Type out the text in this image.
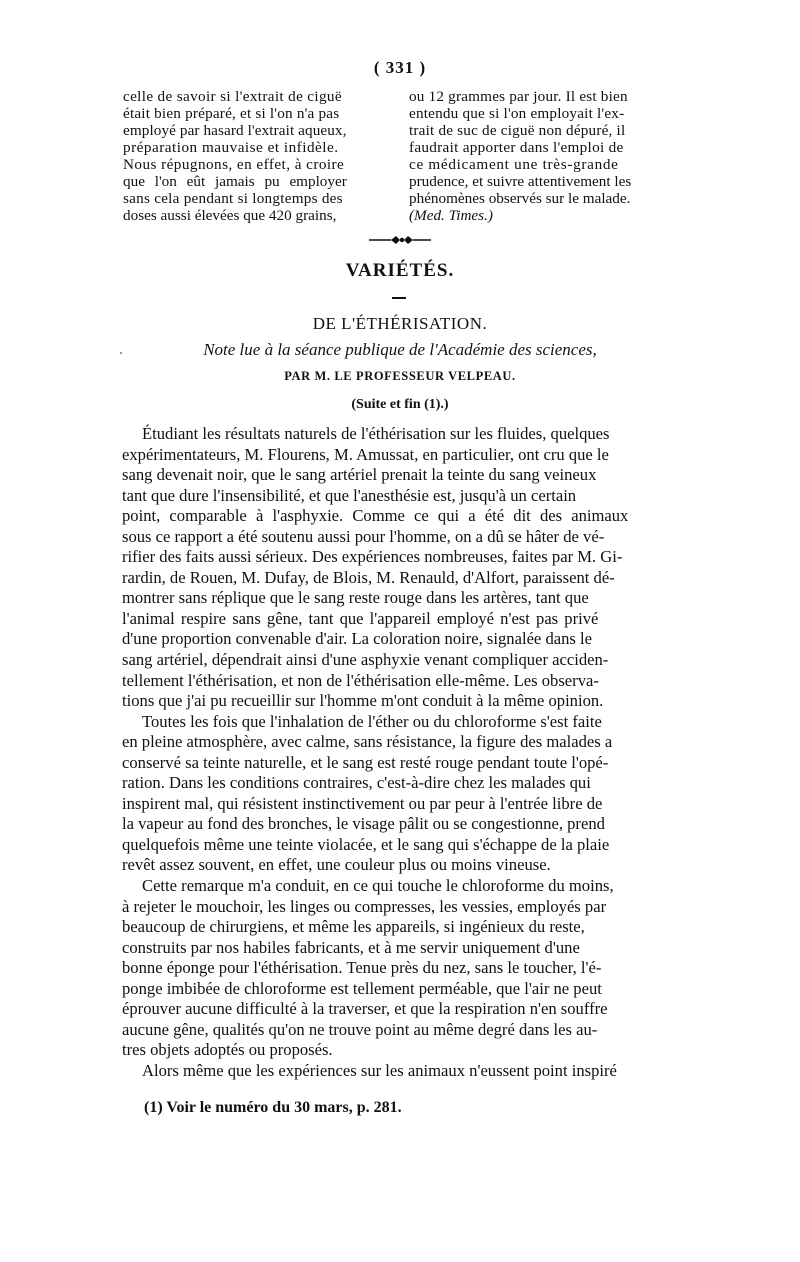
( 331 )
celle de savoir si l'extrait de ciguë
était bien préparé, et si l'on n'a pas
employé par hasard l'extrait aqueux,
préparation mauvaise et infidèle.
Nous répugnons, en effet, à croire
que l'on eût jamais pu employer
sans cela pendant si longtemps des
doses aussi élevées que 420 grains,
ou 12 grammes par jour. Il est bien
entendu que si l'on employait l'ex-
trait de suc de ciguë non dépuré, il
faudrait apporter dans l'emploi de
ce médicament une très-grande
prudence, et suivre attentivement les
phénomènes observés sur le malade.
(Med. Times.)
VARIÉTÉS.
DE L'ÉTHÉRISATION.
Note lue à la séance publique de l'Académie des sciences,
PAR M. LE PROFESSEUR VELPEAU.
(Suite et fin (1).)
Étudiant les résultats naturels de l'éthérisation sur les fluides, quelques
expérimentateurs, M. Flourens, M. Amussat, en particulier, ont cru que le
sang devenait noir, que le sang artériel prenait la teinte du sang veineux
tant que dure l'insensibilité, et que l'anesthésie est, jusqu'à un certain
point, comparable à l'asphyxie. Comme ce qui a été dit des animaux
sous ce rapport a été soutenu aussi pour l'homme, on a dû se hâter de vé-
rifier des faits aussi sérieux. Des expériences nombreuses, faites par M. Gi-
rardin, de Rouen, M. Dufay, de Blois, M. Renauld, d'Alfort, paraissent dé-
montrer sans réplique que le sang reste rouge dans les artères, tant que
l'animal respire sans gêne, tant que l'appareil employé n'est pas privé
d'une proportion convenable d'air. La coloration noire, signalée dans le
sang artériel, dépendrait ainsi d'une asphyxie venant compliquer acciden-
tellement l'éthérisation, et non de l'éthérisation elle-même. Les observa-
tions que j'ai pu recueillir sur l'homme m'ont conduit à la même opinion.
Toutes les fois que l'inhalation de l'éther ou du chloroforme s'est faite
en pleine atmosphère, avec calme, sans résistance, la figure des malades a
conservé sa teinte naturelle, et le sang est resté rouge pendant toute l'opé-
ration. Dans les conditions contraires, c'est-à-dire chez les malades qui
inspirent mal, qui résistent instinctivement ou par peur à l'entrée libre de
la vapeur au fond des bronches, le visage pâlit ou se congestionne, prend
quelquefois même une teinte violacée, et le sang qui s'échappe de la plaie
revêt assez souvent, en effet, une couleur plus ou moins vineuse.
Cette remarque m'a conduit, en ce qui touche le chloroforme du moins,
à rejeter le mouchoir, les linges ou compresses, les vessies, employés par
beaucoup de chirurgiens, et même les appareils, si ingénieux du reste,
construits par nos habiles fabricants, et à me servir uniquement d'une
bonne éponge pour l'éthérisation. Tenue près du nez, sans le toucher, l'é-
ponge imbibée de chloroforme est tellement perméable, que l'air ne peut
éprouver aucune difficulté à la traverser, et que la respiration n'en souffre
aucune gêne, qualités qu'on ne trouve point au même degré dans les au-
tres objets adoptés ou proposés.
Alors même que les expériences sur les animaux n'eussent point inspiré
(1) Voir le numéro du 30 mars, p. 281.
